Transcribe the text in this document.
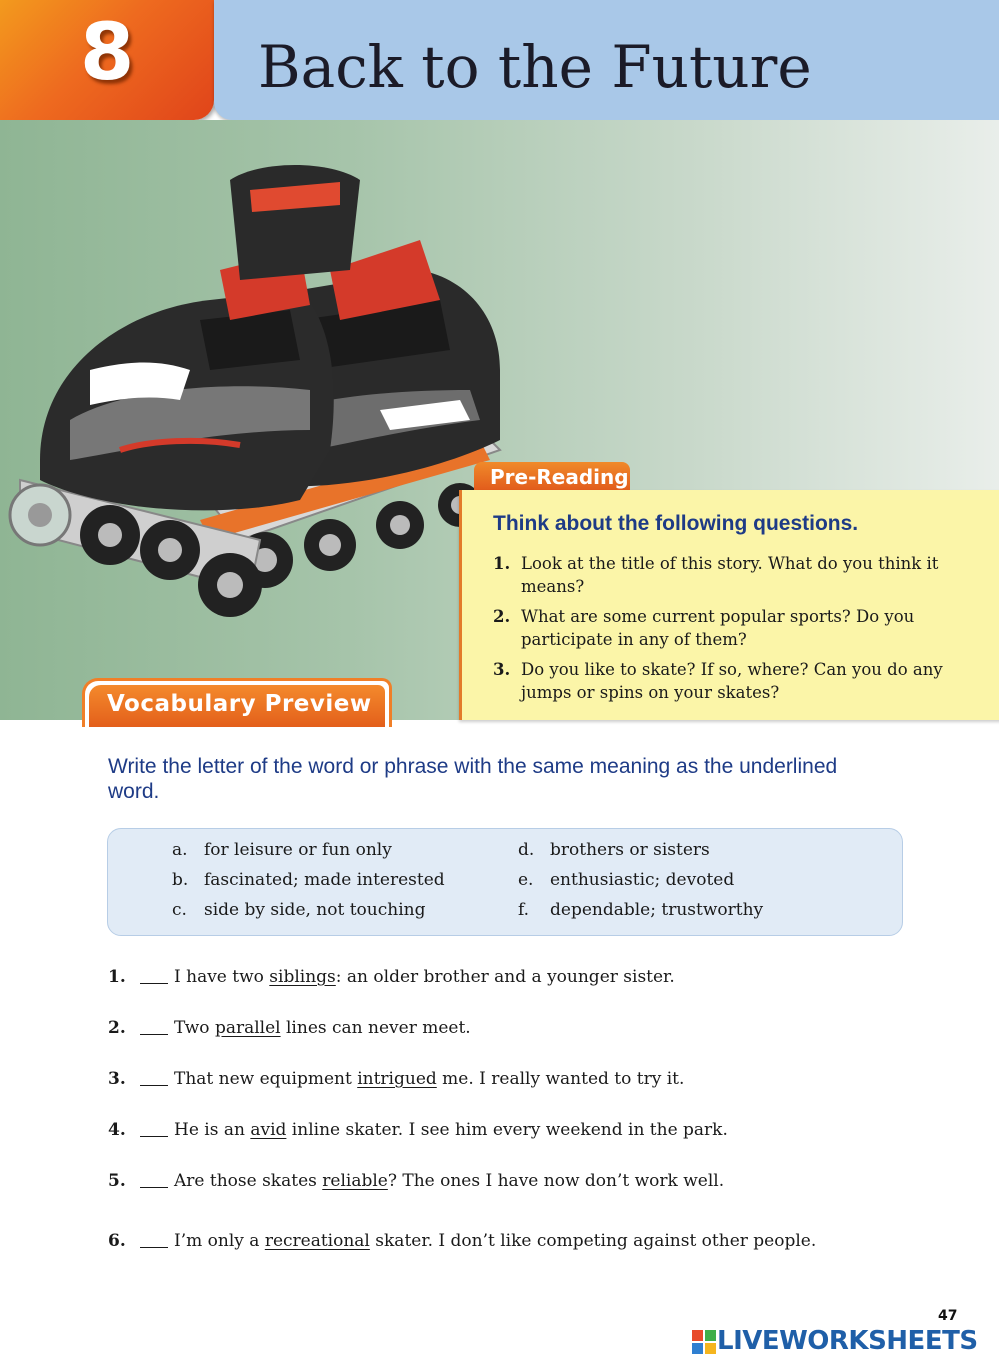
8 Back to the Future
Pre-Reading
Think about the following questions.
1. Look at the title of this story. What do you think it means?
2. What are some current popular sports? Do you participate in any of them?
3. Do you like to skate? If so, where? Can you do any jumps or spins on your skates?
Vocabulary Preview

Write the letter of the word or phrase with the same meaning as the underlined word.

a. for leisure or fun only
b. fascinated; made interested
c. side by side, not touching
d. brothers or sisters
e. enthusiastic; devoted
f. dependable; trustworthy
1.	I have two siblings: an older brother and a younger sister.
2.	Two parallel lines can never meet.
3.	That new equipment intrigued me. I really wanted to try it.
4.	He is an avid inline skater. I see him every weekend in the park.
5.	Are those skates reliable? The ones I have now don’t work well.
6.	I’m only a recreational skater. I don’t like competing against other people.
47
LIVEWORKSHEETS
